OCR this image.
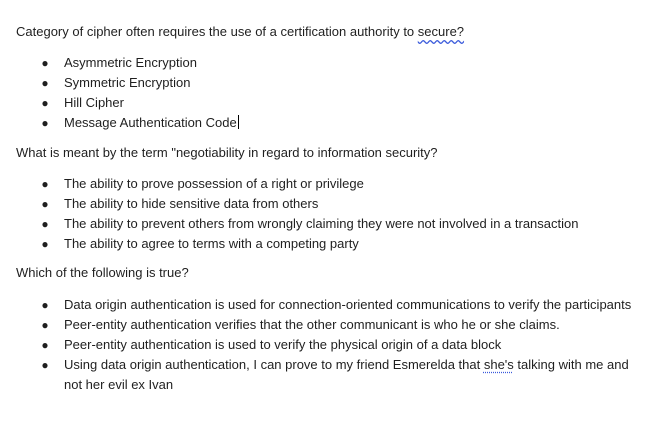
Category of cipher often requires the use of a certification authority to secure?
● Asymmetric Encryption
● Symmetric Encryption
● Hill Cipher
● Message Authentication Code
What is meant by the term "negotiability in regard to information security?
● The ability to prove possession of a right or privilege
● The ability to hide sensitive data from others
● The ability to prevent others from wrongly claiming they were not involved in a transaction
● The ability to agree to terms with a competing party
Which of the following is true?
● Data origin authentication is used for connection-oriented communications to verify the participants
● Peer-entity authentication verifies that the other communicant is who he or she claims.
● Peer-entity authentication is used to verify the physical origin of a data block
● Using data origin authentication, I can prove to my friend Esmerelda that she's talking with me and not her evil ex Ivan
